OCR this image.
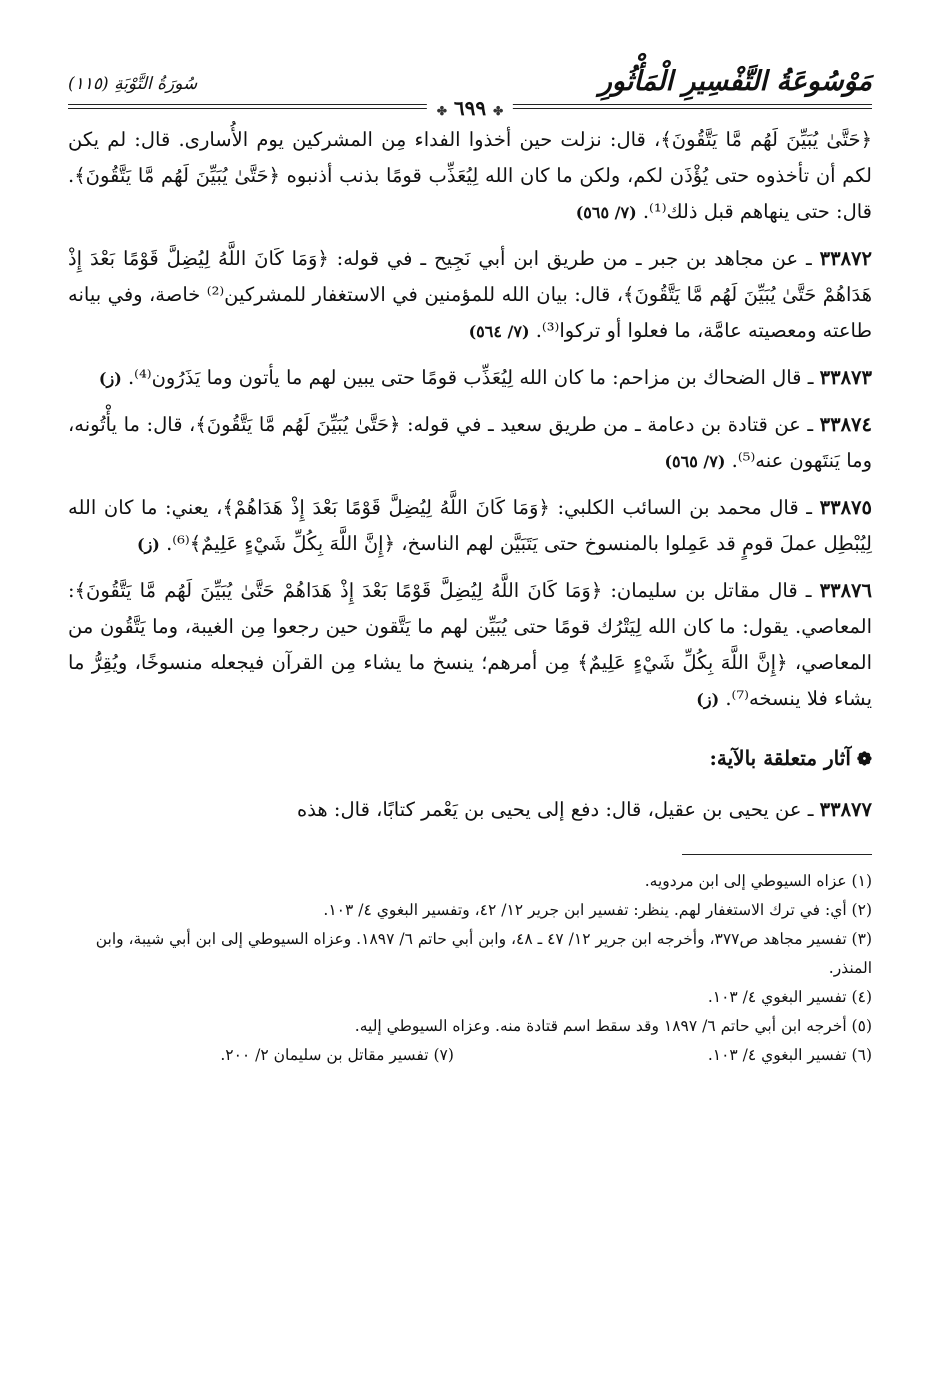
مَوْسُوعَةُ التَّفْسِيرِ الْمَأْثُورِ
سُورَةُ التَّوْبَةِ (١١٥)
✤ ٦٩٩ ✤

﴿حَتَّىٰ يُبَيِّنَ لَهُم مَّا يَتَّقُونَ﴾، قال: نزلت حين أخذوا الفداء مِن المشركين يوم الأُسارى. قال: لم يكن لكم أن تأخذوه حتى يُؤْذَن لكم، ولكن ما كان الله لِيُعَذِّب قومًا بذنب أذنبوه ﴿حَتَّىٰ يُبَيِّنَ لَهُم مَّا يَتَّقُونَ﴾. قال: حتى ينهاهم قبل ذلك⁽¹⁾. (٧/ ٥٦٥)

٣٣٨٧٢ ـ عن مجاهد بن جبر ـ من طريق ابن أبي نَجِيح ـ في قوله: ﴿وَمَا كَانَ اللَّهُ لِيُضِلَّ قَوْمًا بَعْدَ إِذْ هَدَاهُمْ حَتَّىٰ يُبَيِّنَ لَهُم مَّا يَتَّقُونَ﴾، قال: بيان الله للمؤمنين في الاستغفار للمشركين⁽²⁾ خاصة، وفي بيانه طاعته ومعصيته عامَّة، ما فعلوا أو تركوا⁽³⁾. (٧/ ٥٦٤)

٣٣٨٧٣ ـ قال الضحاك بن مزاحم: ما كان الله لِيُعَذِّب قومًا حتى يبين لهم ما يأتون وما يَذَرُون⁽⁴⁾. (ز)

٣٣٨٧٤ ـ عن قتادة بن دعامة ـ من طريق سعيد ـ في قوله: ﴿حَتَّىٰ يُبَيِّنَ لَهُم مَّا يَتَّقُونَ﴾، قال: ما يأْتُونه، وما يَنتَهون عنه⁽⁵⁾. (٧/ ٥٦٥)

٣٣٨٧٥ ـ قال محمد بن السائب الكلبي: ﴿وَمَا كَانَ اللَّهُ لِيُضِلَّ قَوْمًا بَعْدَ إِذْ هَدَاهُمْ﴾، يعني: ما كان الله لِيُبْطِل عملَ قومٍ قد عَمِلوا بالمنسوخ حتى يَتَبَيَّن لهم الناسخ، ﴿إِنَّ اللَّهَ بِكُلِّ شَيْءٍ عَلِيمٌ﴾⁽⁶⁾. (ز)

٣٣٨٧٦ ـ قال مقاتل بن سليمان: ﴿وَمَا كَانَ اللَّهُ لِيُضِلَّ قَوْمًا بَعْدَ إِذْ هَدَاهُمْ حَتَّىٰ يُبَيِّنَ لَهُم مَّا يَتَّقُونَ﴾: المعاصي. يقول: ما كان الله لِيَتْرُك قومًا حتى يُبَيِّن لهم ما يَتَّقون حين رجعوا مِن الغيبة، وما يَتَّقُون من المعاصي، ﴿إِنَّ اللَّهَ بِكُلِّ شَيْءٍ عَلِيمٌ﴾ مِن أمرهم؛ ينسخ ما يشاء مِن القرآن فيجعله منسوخًا، ويُقِرُّ ما يشاء فلا ينسخه⁽⁷⁾. (ز)

❁آثار متعلقة بالآية:

٣٣٨٧٧ ـ عن يحيى بن عقيل، قال: دفع إلى يحيى بن يَعْمر كتابًا، قال: هذه

(١) عزاه السيوطي إلى ابن مردويه.

(٢) أي: في ترك الاستغفار لهم. ينظر: تفسير ابن جرير ١٢/ ٤٢، وتفسير البغوي ٤/ ١٠٣.

(٣) تفسير مجاهد ص٣٧٧، وأخرجه ابن جرير ١٢/ ٤٧ ـ ٤٨، وابن أبي حاتم ٦/ ١٨٩٧. وعزاه السيوطي إلى ابن أبي شيبة، وابن المنذر.

(٤) تفسير البغوي ٤/ ١٠٣.

(٥) أخرجه ابن أبي حاتم ٦/ ١٨٩٧ وقد سقط اسم قتادة منه. وعزاه السيوطي إليه.

(٦) تفسير البغوي ٤/ ١٠٣.

(٧) تفسير مقاتل بن سليمان ٢/ ٢٠٠.
